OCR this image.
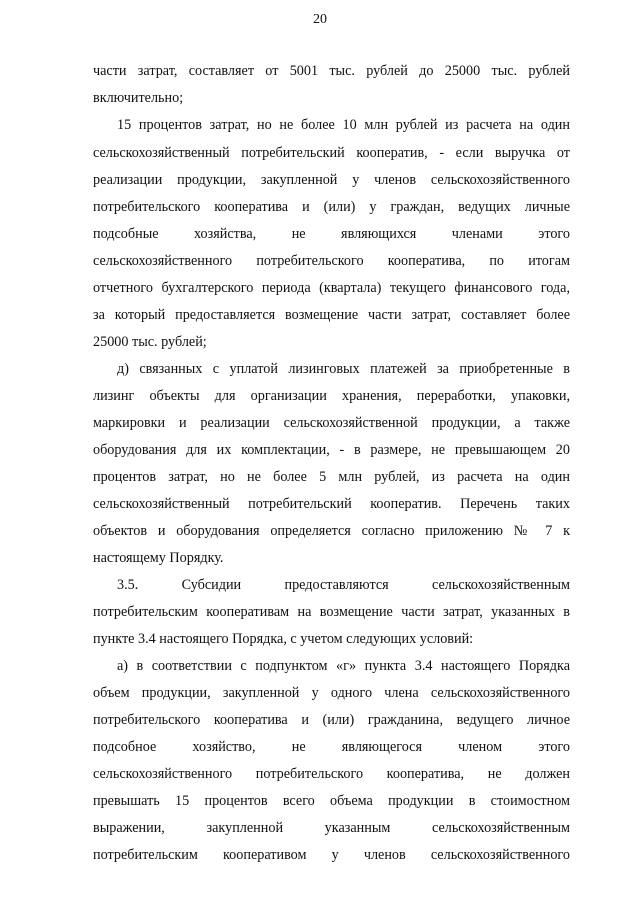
20
части затрат, составляет от 5001 тыс. рублей до 25000 тыс. рублей
включительно;
15 процентов затрат, но не более 10 млн рублей из расчета на один
сельскохозяйственный потребительский кооператив, - если выручка от
реализации продукции, закупленной у членов сельскохозяйственного
потребительского кооператива и (или) у граждан, ведущих личные
подсобные хозяйства, не являющихся членами этого
сельскохозяйственного потребительского кооператива, по итогам
отчетного бухгалтерского периода (квартала) текущего финансового года,
за который предоставляется возмещение части затрат, составляет более
25000 тыс. рублей;
д) связанных с уплатой лизинговых платежей за приобретенные в
лизинг объекты для организации хранения, переработки, упаковки,
маркировки и реализации сельскохозяйственной продукции, а также
оборудования для их комплектации, - в размере, не превышающем 20
процентов затрат, но не более 5 млн рублей, из расчета на один
сельскохозяйственный потребительский кооператив. Перечень таких
объектов и оборудования определяется согласно приложению № 7 к
настоящему Порядку.
3.5. Субсидии предоставляются сельскохозяйственным
потребительским кооперативам на возмещение части затрат, указанных в
пункте 3.4 настоящего Порядка, с учетом следующих условий:
а) в соответствии с подпунктом «г» пункта 3.4 настоящего Порядка
объем продукции, закупленной у одного члена сельскохозяйственного
потребительского кооператива и (или) гражданина, ведущего личное
подсобное хозяйство, не являющегося членом этого
сельскохозяйственного потребительского кооператива, не должен
превышать 15 процентов всего объема продукции в стоимостном
выражении, закупленной указанным сельскохозяйственным
потребительским кооперативом у членов сельскохозяйственного
